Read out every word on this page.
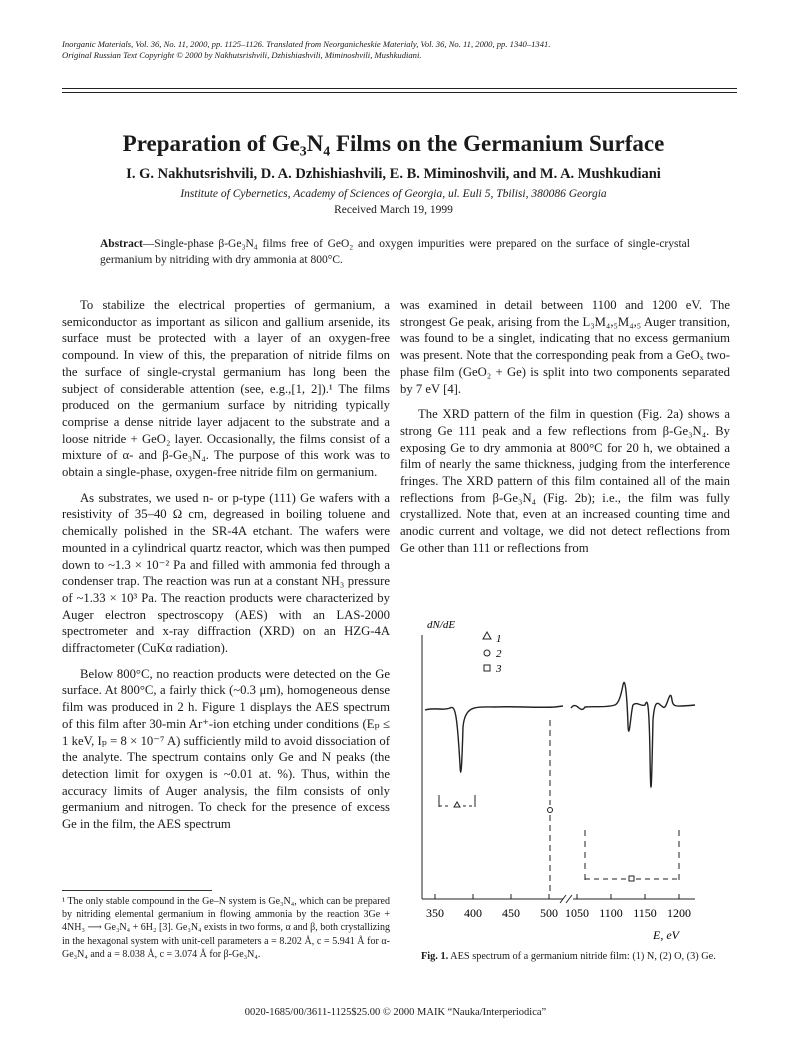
Inorganic Materials, Vol. 36, No. 11, 2000, pp. 1125–1126. Translated from Neorganicheskie Materialy, Vol. 36, No. 11, 2000, pp. 1340–1341.
Original Russian Text Copyright © 2000 by Nakhutsrishvili, Dzhishiashvili, Miminoshvili, Mushkudiani.
Preparation of Ge₃N₄ Films on the Germanium Surface
I. G. Nakhutsrishvili, D. A. Dzhishiashvili, E. B. Miminoshvili, and M. A. Mushkudiani
Institute of Cybernetics, Academy of Sciences of Georgia, ul. Euli 5, Tbilisi, 380086 Georgia
Received March 19, 1999
Abstract—Single-phase β-Ge₃N₄ films free of GeO₂ and oxygen impurities were prepared on the surface of single-crystal germanium by nitriding with dry ammonia at 800°C.

To stabilize the electrical properties of germanium, a semiconductor as important as silicon and gallium arsenide, its surface must be protected with a layer of an oxygen-free compound. In view of this, the preparation of nitride films on the surface of single-crystal germanium has long been the subject of considerable attention (see, e.g.,[1, 2]).¹ The films produced on the germanium surface by nitriding typically comprise a dense nitride layer adjacent to the substrate and a loose nitride + GeO₂ layer. Occasionally, the films consist of a mixture of α- and β-Ge₃N₄. The purpose of this work was to obtain a single-phase, oxygen-free nitride film on germanium.

As substrates, we used n- or p-type (111) Ge wafers with a resistivity of 35–40 Ω cm, degreased in boiling toluene and chemically polished in the SR-4A etchant. The wafers were mounted in a cylindrical quartz reactor, which was then pumped down to ~1.3 × 10⁻² Pa and filled with ammonia fed through a condenser trap. The reaction was run at a constant NH₃ pressure of ~1.33 × 10³ Pa. The reaction products were characterized by Auger electron spectroscopy (AES) with an LAS-2000 spectrometer and x-ray diffraction (XRD) on an HZG-4A diffractometer (CuKα radiation).

Below 800°C, no reaction products were detected on the Ge surface. At 800°C, a fairly thick (~0.3 μm), homogeneous dense film was produced in 2 h. Figure 1 displays the AES spectrum of this film after 30-min Ar⁺-ion etching under conditions (Eₚ ≤ 1 keV, Iₚ = 8 × 10⁻⁷ A) sufficiently mild to avoid dissociation of the analyte. The spectrum contains only Ge and N peaks (the detection limit for oxygen is ~0.01 at. %). Thus, within the accuracy limits of Auger analysis, the film consists of only germanium and nitrogen. To check for the presence of excess Ge in the film, the AES spectrum

was examined in detail between 1100 and 1200 eV. The strongest Ge peak, arising from the L₃M₄,₅M₄,₅ Auger transition, was found to be a singlet, indicating that no excess germanium was present. Note that the corresponding peak from a GeOₓ two-phase film (GeO₂ + Ge) is split into two components separated by 7 eV [4].

The XRD pattern of the film in question (Fig. 2a) shows a strong Ge 111 peak and a few reflections from β-Ge₃N₄. By exposing Ge to dry ammonia at 800°C for 20 h, we obtained a film of nearly the same thickness, judging from the interference fringes. The XRD pattern of this film contained all of the main reflections from β-Ge₃N₄ (Fig. 2b); i.e., the film was fully crystallized. Note that, even at an increased counting time and anodic current and voltage, we did not detect reflections from Ge other than 111 or reflections from

¹ The only stable compound in the Ge–N system is Ge₃N₄, which can be prepared by nitriding elemental germanium in flowing ammonia by the reaction 3Ge + 4NH₃ ⟶ Ge₃N₄ + 6H₂ [3]. Ge₃N₄ exists in two forms, α and β, both crystallizing in the hexagonal system with unit-cell parameters a = 8.202 Å, c = 5.941 Å for α-Ge₃N₄ and a = 8.038 Å, c = 3.074 Å for β-Ge₃N₄.
dN/dE
350 400 450 500 1050 1100 1150 1200
E, eV
1
2
3
Fig. 1. AES spectrum of a germanium nitride film: (1) N, (2) O, (3) Ge.
0020-1685/00/3611-1125$25.00 © 2000 MAIK “Nauka/Interperiodica”
